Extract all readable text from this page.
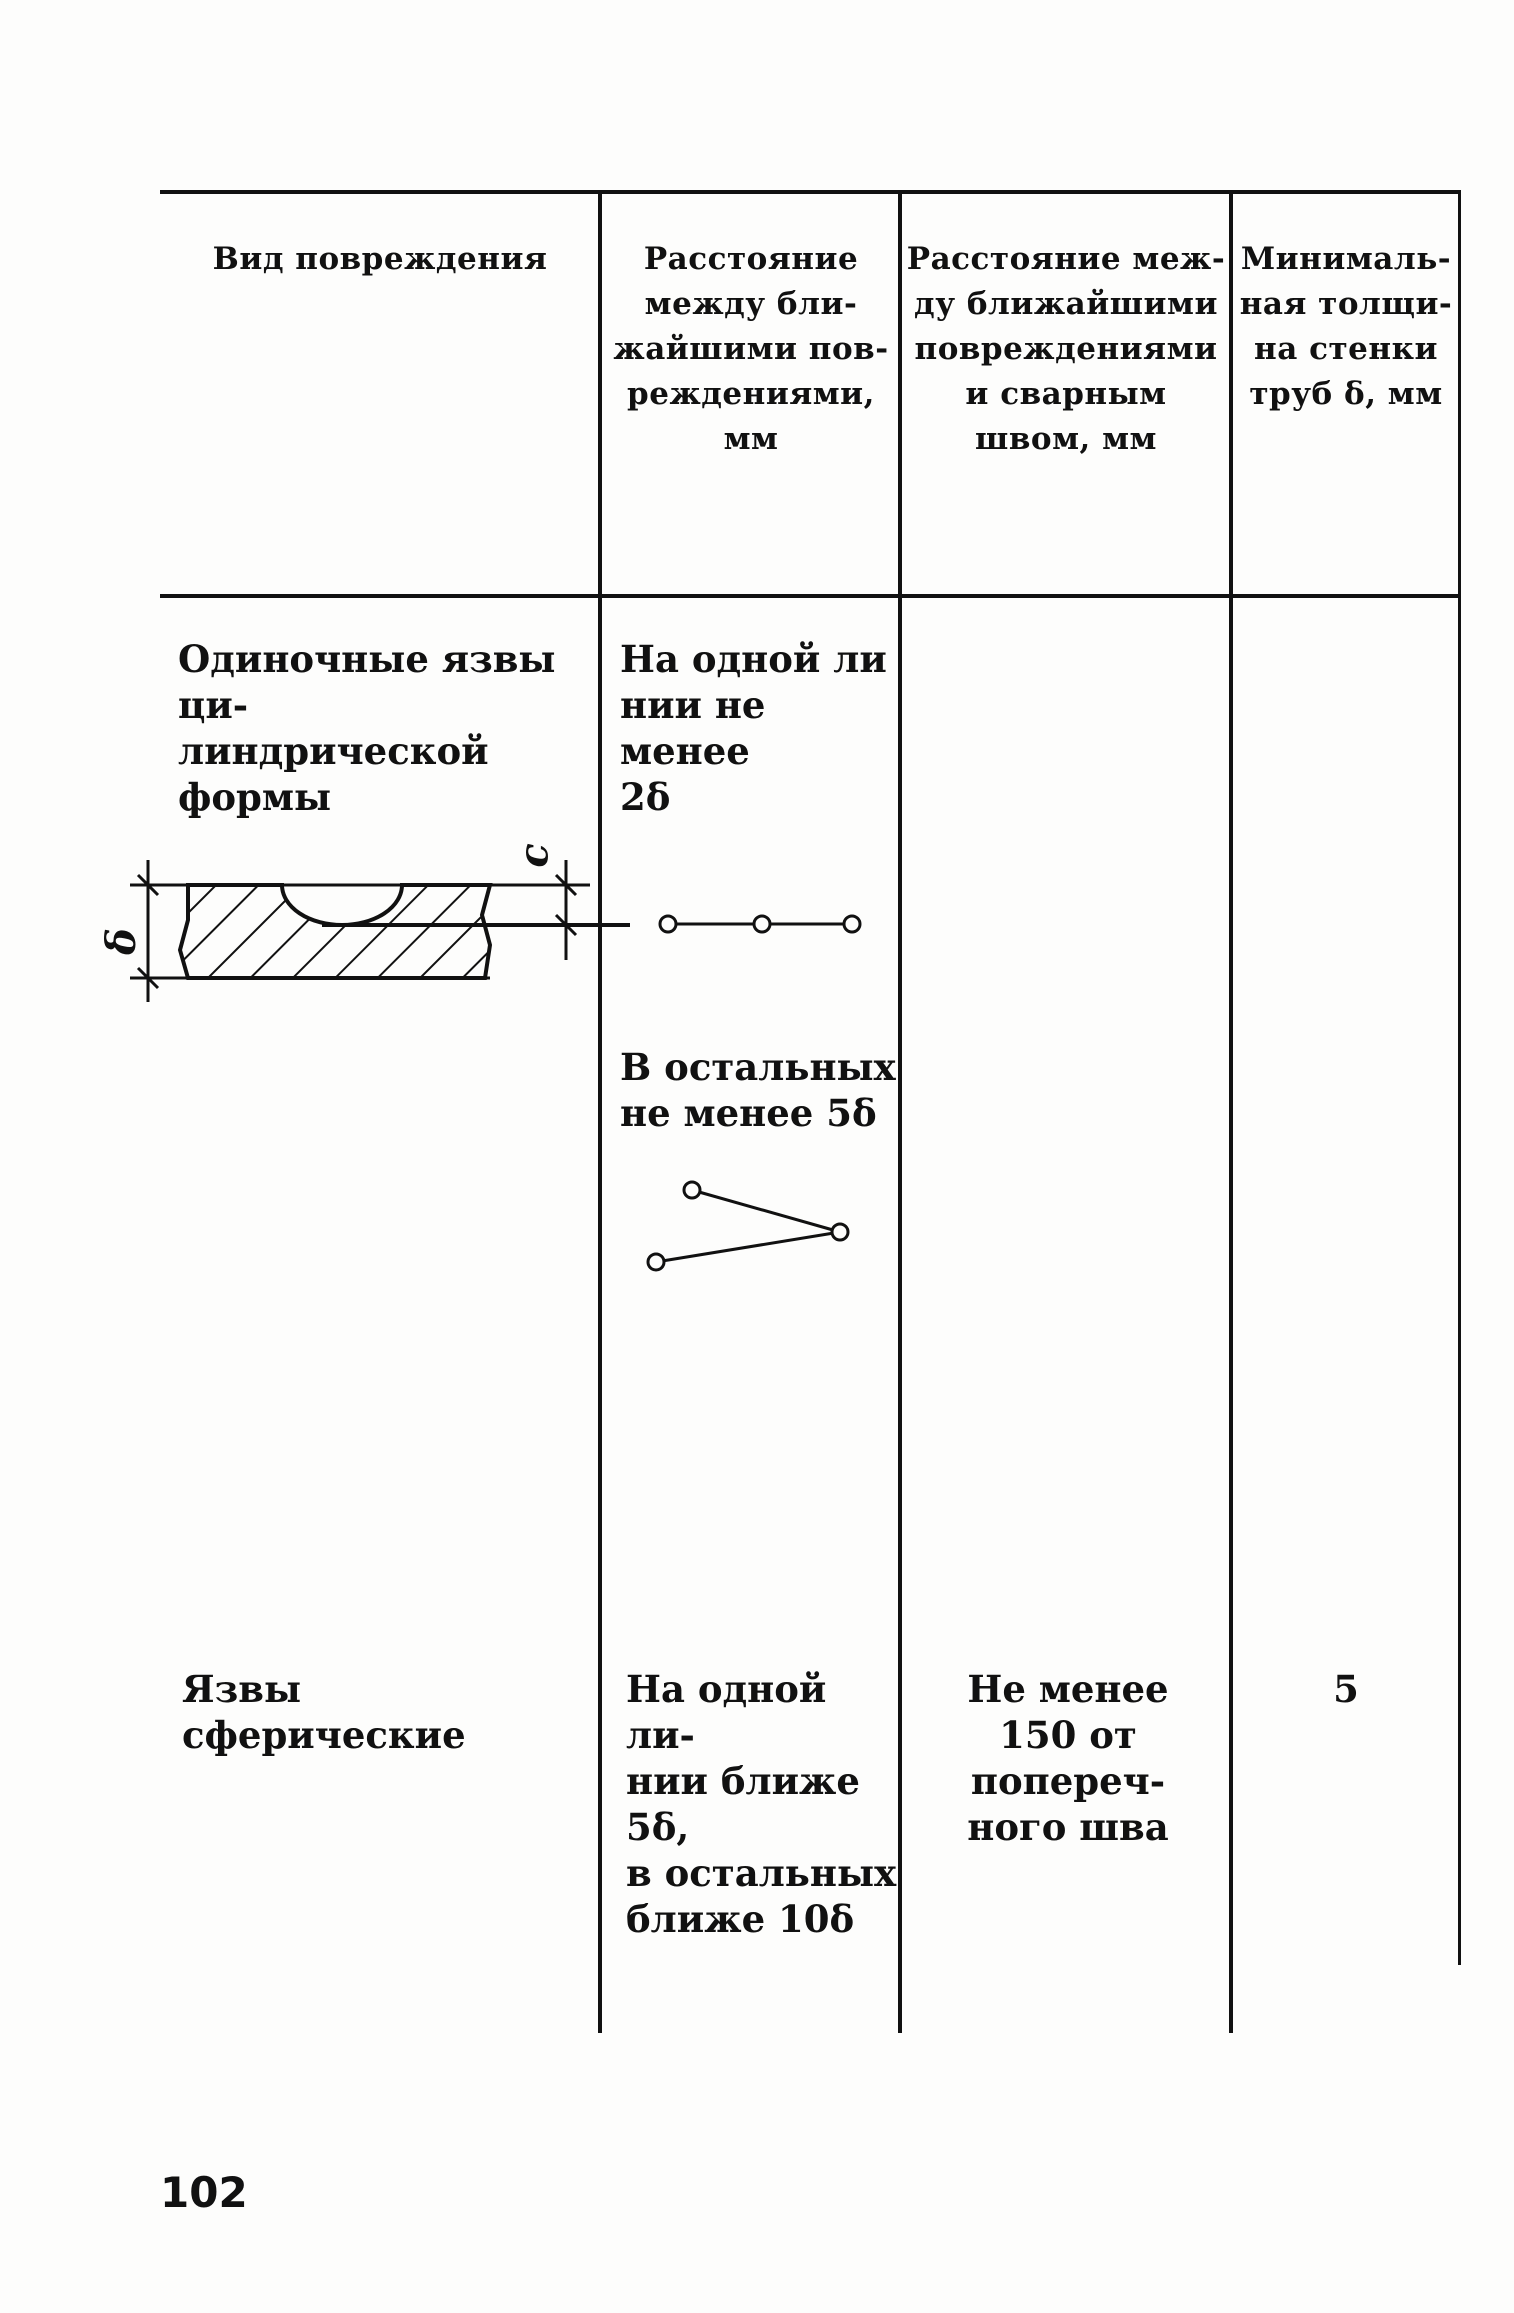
Вид повреждения	Расстояние
между бли-
жайшими пов-
реждениями,
мм
Расстояние меж-
ду ближайшими
повреждениями
и сварным
швом, мм
Минималь-
ная толщи-
на стенки
труб δ, мм
Одиночные язвы ци-
линдрической формы
На одной ли
нии не менее
2δ
δ
c
В остальных
не менее 5δ
Язвы сферические
На одной ли-
нии ближе 5δ,
в остальных
ближе 10δ
Не менее
150 от
попереч-
ного шва
5
102
